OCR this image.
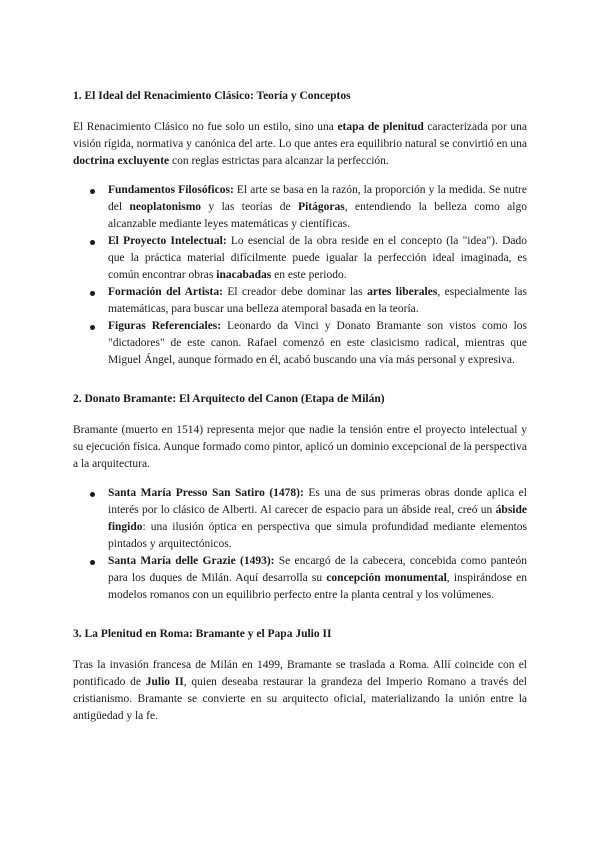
1. El Ideal del Renacimiento Clásico: Teoría y Conceptos

El Renacimiento Clásico no fue solo un estilo, sino una etapa de plenitud caracterizada por una visión rígida, normativa y canónica del arte. Lo que antes era equilibrio natural se convirtió en una doctrina excluyente con reglas estrictas para alcanzar la perfección.

Fundamentos Filosóficos: El arte se basa en la razón, la proporción y la medida. Se nutre del neoplatonismo y las teorías de Pitágoras, entendiendo la belleza como algo alcanzable mediante leyes matemáticas y científicas.
El Proyecto Intelectual: Lo esencial de la obra reside en el concepto (la "idea"). Dado que la práctica material difícilmente puede igualar la perfección ideal imaginada, es común encontrar obras inacabadas en este periodo.
Formación del Artista: El creador debe dominar las artes liberales, especialmente las matemáticas, para buscar una belleza atemporal basada en la teoría.
Figuras Referenciales: Leonardo da Vinci y Donato Bramante son vistos como los "dictadores" de este canon. Rafael comenzó en este clasicismo radical, mientras que Miguel Ángel, aunque formado en él, acabó buscando una vía más personal y expresiva.
2. Donato Bramante: El Arquitecto del Canon (Etapa de Milán)

Bramante (muerto en 1514) representa mejor que nadie la tensión entre el proyecto intelectual y su ejecución física. Aunque formado como pintor, aplicó un dominio excepcional de la perspectiva a la arquitectura.

Santa María Presso San Satiro (1478): Es una de sus primeras obras donde aplica el interés por lo clásico de Alberti. Al carecer de espacio para un ábside real, creó un ábside fingido: una ilusión óptica en perspectiva que simula profundidad mediante elementos pintados y arquitectónicos.
Santa María delle Grazie (1493): Se encargó de la cabecera, concebida como panteón para los duques de Milán. Aquí desarrolla su concepción monumental, inspirándose en modelos romanos con un equilibrio perfecto entre la planta central y los volúmenes.
3. La Plenitud en Roma: Bramante y el Papa Julio II

Tras la invasión francesa de Milán en 1499, Bramante se traslada a Roma. Allí coincide con el pontificado de Julio II, quien deseaba restaurar la grandeza del Imperio Romano a través del cristianismo. Bramante se convierte en su arquitecto oficial, materializando la unión entre la antigüedad y la fe.
